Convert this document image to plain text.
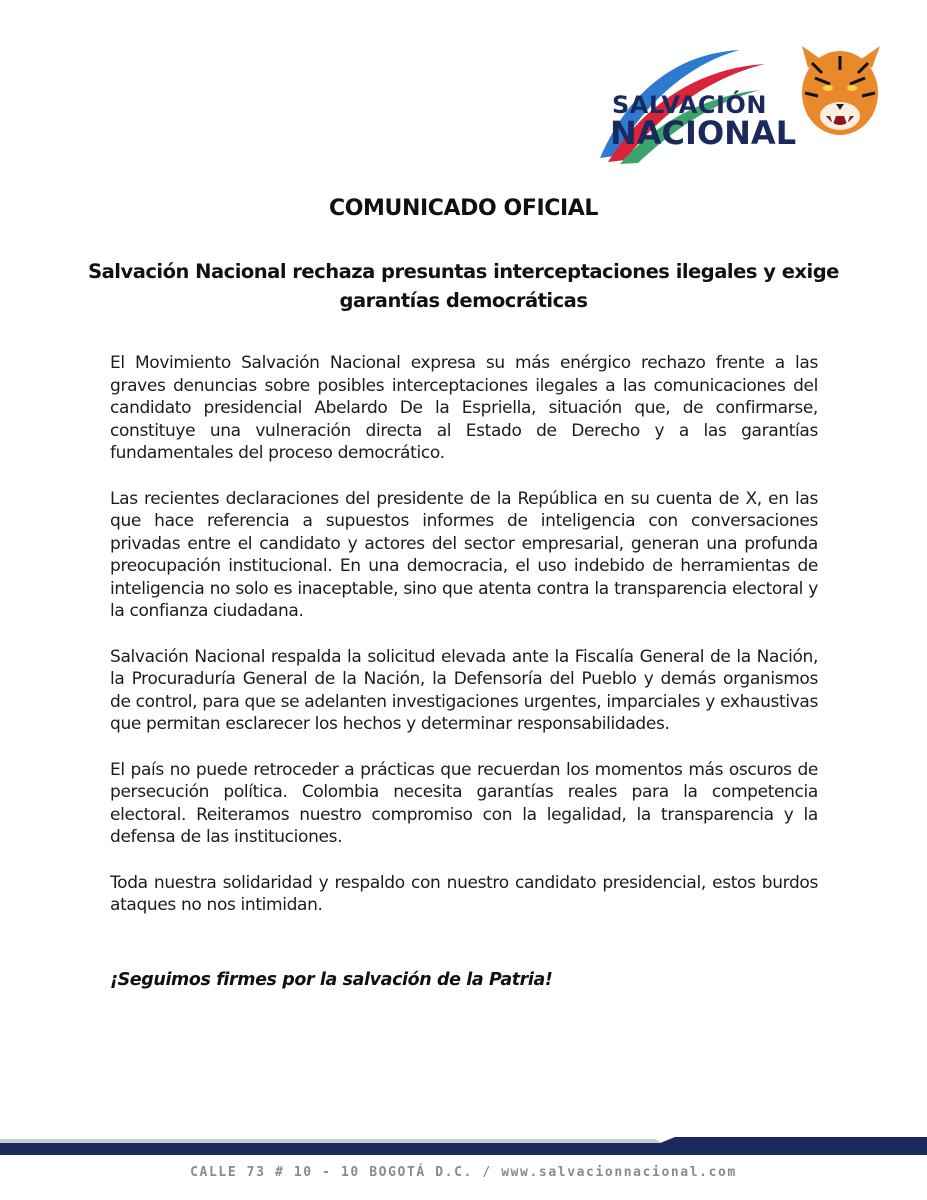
SALVACIÓN
NACIONAL
COMUNICADO OFICIAL
Salvación Nacional rechaza presuntas interceptaciones ilegales y exige garantías democráticas

El Movimiento Salvación Nacional expresa su más enérgico rechazo frente a las graves denuncias sobre posibles interceptaciones ilegales a las comunicaciones del candidato presidencial Abelardo De la Espriella, situación que, de confirmarse, constituye una vulneración directa al Estado de Derecho y a las garantías fundamentales del proceso democrático.

Las recientes declaraciones del presidente de la República en su cuenta de X, en las que hace referencia a supuestos informes de inteligencia con conversaciones privadas entre el candidato y actores del sector empresarial, generan una profunda preocupación institucional. En una democracia, el uso indebido de herramientas de inteligencia no solo es inaceptable, sino que atenta contra la transparencia electoral y la confianza ciudadana.

Salvación Nacional respalda la solicitud elevada ante la Fiscalía General de la Nación, la Procuraduría General de la Nación, la Defensoría del Pueblo y demás organismos de control, para que se adelanten investigaciones urgentes, imparciales y exhaustivas que permitan esclarecer los hechos y determinar responsabilidades.

El país no puede retroceder a prácticas que recuerdan los momentos más oscuros de persecución política. Colombia necesita garantías reales para la competencia electoral. Reiteramos nuestro compromiso con la legalidad, la transparencia y la defensa de las instituciones.

Toda nuestra solidaridad y respaldo con nuestro candidato presidencial, estos burdos ataques no nos intimidan.

¡Seguimos firmes por la salvación de la Patria!

CALLE 73 # 10 - 10 BOGOTÁ D.C. / www.salvacionnacional.com
